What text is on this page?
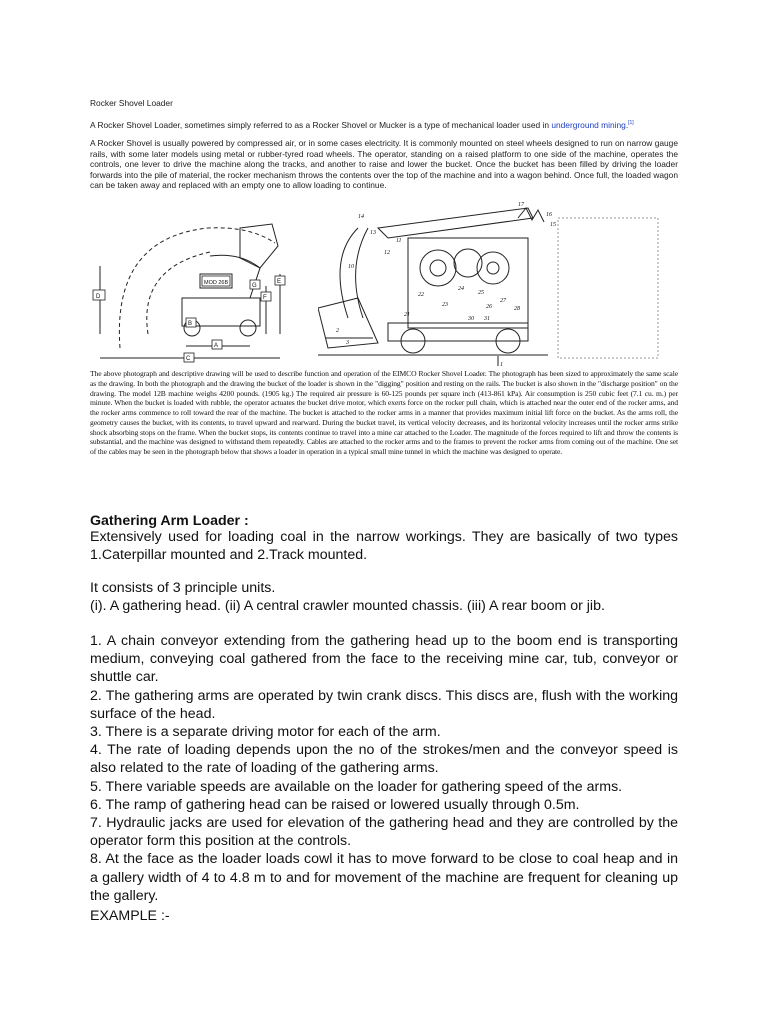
Rocker Shovel Loader
A Rocker Shovel Loader, sometimes simply referred to as a Rocker Shovel or Mucker is a type of mechanical loader used in underground mining.[1]
A Rocker Shovel is usually powered by compressed air, or in some cases electricity. It is commonly mounted on steel wheels designed to run on narrow gauge rails, with some later models using metal or rubber-tyred road wheels. The operator, standing on a raised platform to one side of the machine, operates the controls, one lever to drive the machine along the tracks, and another to raise and lower the bucket. Once the bucket has been filled by driving the loader forwards into the pile of material, the rocker mechanism throws the contents over the top of the machine and into a wagon behind. Once full, the loaded wagon can be taken away and replaced with an empty one to allow loading to continue.
D
B
A
C
E
F
G
MOD 26B
17
16
15
14
13
11
12
10
22
24
25
23	26
27
28
21
30 31
2
3
1
The above photograph and descriptive drawing will be used to describe function and operation of the EIMCO Rocker Shovel Loader. The photograph has been sized to approximately the same scale as the drawing. In both the photograph and the drawing the bucket of the loader is shown in the "digging" position and resting on the rails. The bucket is also shown in the "discharge position" on the drawing. The model 12B machine weighs 4200 pounds. (1905 kg.) The required air pressure is 60-125 pounds per square inch (413-861 kPa). Air consumption is 250 cubic feet (7.1 cu. m.) per minute. When the bucket is loaded with rubble, the operator actuates the bucket drive motor, which exerts force on the rocker pull chain, which is attached near the outer end of the rocker arms, and the rocker arms commence to roll toward the rear of the machine. The bucket is attached to the rocker arms in a manner that provides maximum initial lift force on the bucket. As the arms roll, the geometry causes the bucket, with its contents, to travel upward and rearward. During the bucket travel, its vertical velocity decreases, and its horizontal velocity increases until the rocker arms strike shock absorbing stops on the frame. When the bucket stops, its contents continue to travel into a mine car attached to the Loader. The magnitude of the forces required to lift and throw the contents is substantial, and the machine was designed to withstand them repeatedly. Cables are attached to the rocker arms and to the frames to prevent the rocker arms from coming out of the machine. One set of the cables may be seen in the photograph below that shows a loader in operation in a typical small mine tunnel in which the machine was designed to operate.
Gathering Arm Loader :
Extensively used for loading coal in the narrow workings. They are basically of two types 1.Caterpillar mounted and 2.Track mounted.
It consists of 3 principle units.
(i). A gathering head. (ii) A central crawler mounted chassis. (iii) A rear boom or jib.
1. A chain conveyor extending from the gathering head up to the boom end is transporting medium, conveying coal gathered from the face to the receiving mine car, tub, conveyor or shuttle car.
2. The gathering arms are operated by twin crank discs. This discs are, flush with the working surface of the head.
3. There is a separate driving motor for each of the arm.
4. The rate of loading depends upon the no of the strokes/men and the conveyor speed is also related to the rate of loading of the gathering arms.
5. There variable speeds are available on the loader for gathering speed of the arms.
6. The ramp of gathering head can be raised or lowered usually through 0.5m.
7. Hydraulic jacks are used for elevation of the gathering head and they are controlled by the operator form this position at the controls.
8. At the face as the loader loads cowl it has to move forward to be close to coal heap and in a gallery width of 4 to 4.8 m to and for movement of the machine are frequent for cleaning up the gallery.
EXAMPLE :-
